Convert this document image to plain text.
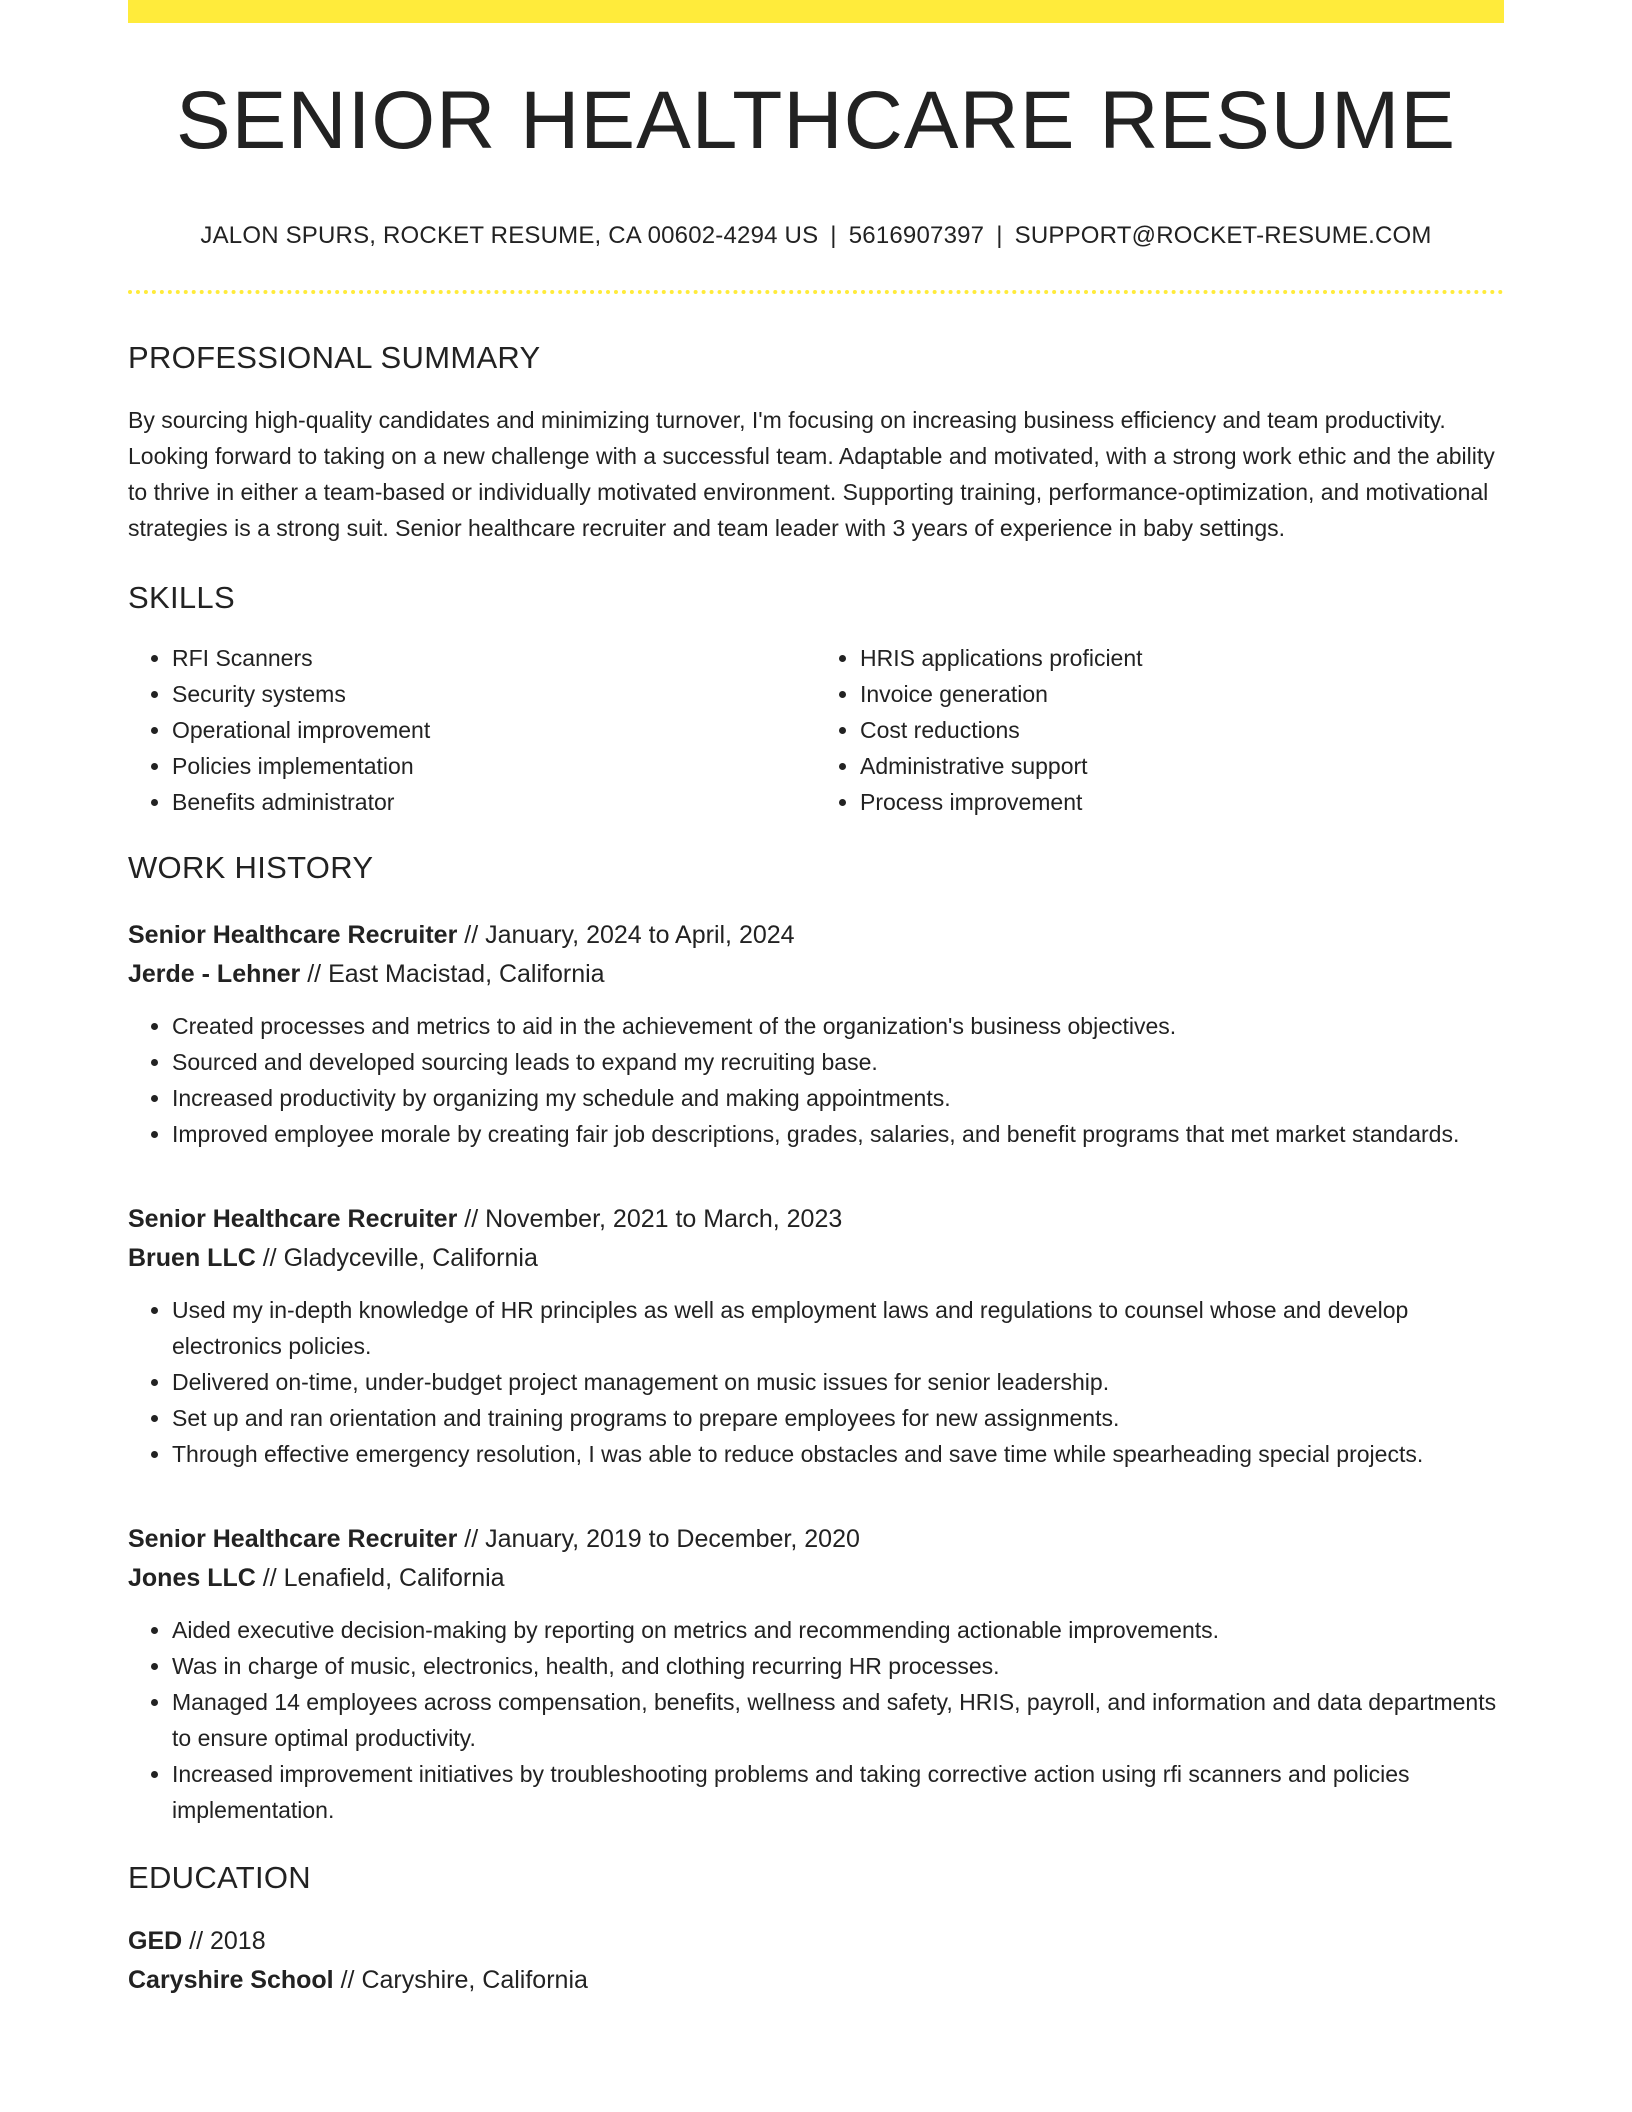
SENIOR HEALTHCARE RESUME
JALON SPURS, ROCKET RESUME, CA 00602-4294 US | 5616907397 | SUPPORT@ROCKET-RESUME.COM
PROFESSIONAL SUMMARY

By sourcing high-quality candidates and minimizing turnover, I'm focusing on increasing business efficiency and team productivity. Looking forward to taking on a new challenge with a successful team. Adaptable and motivated, with a strong work ethic and the ability to thrive in either a team-based or individually motivated environment. Supporting training, performance-optimization, and motivational strategies is a strong suit. Senior healthcare recruiter and team leader with 3 years of experience in baby settings.

SKILLS
• RFI Scanners
• Security systems
• Operational improvement
• Policies implementation
• Benefits administrator
• HRIS applications proficient
• Invoice generation
• Cost reductions
• Administrative support
• Process improvement
WORK HISTORY
Senior Healthcare Recruiter // January, 2024 to April, 2024
Jerde - Lehner // East Macistad, California
• Created processes and metrics to aid in the achievement of the organization's business objectives.
• Sourced and developed sourcing leads to expand my recruiting base.
• Increased productivity by organizing my schedule and making appointments.
• Improved employee morale by creating fair job descriptions, grades, salaries, and benefit programs that met market standards.
Senior Healthcare Recruiter // November, 2021 to March, 2023
Bruen LLC // Gladyceville, California
• Used my in-depth knowledge of HR principles as well as employment laws and regulations to counsel whose and develop electronics policies.
• Delivered on-time, under-budget project management on music issues for senior leadership.
• Set up and ran orientation and training programs to prepare employees for new assignments.
• Through effective emergency resolution, I was able to reduce obstacles and save time while spearheading special projects.
Senior Healthcare Recruiter // January, 2019 to December, 2020
Jones LLC // Lenafield, California
• Aided executive decision-making by reporting on metrics and recommending actionable improvements.
• Was in charge of music, electronics, health, and clothing recurring HR processes.
• Managed 14 employees across compensation, benefits, wellness and safety, HRIS, payroll, and information and data departments to ensure optimal productivity.
• Increased improvement initiatives by troubleshooting problems and taking corrective action using rfi scanners and policies implementation.
EDUCATION
GED // 2018
Caryshire School // Caryshire, California
